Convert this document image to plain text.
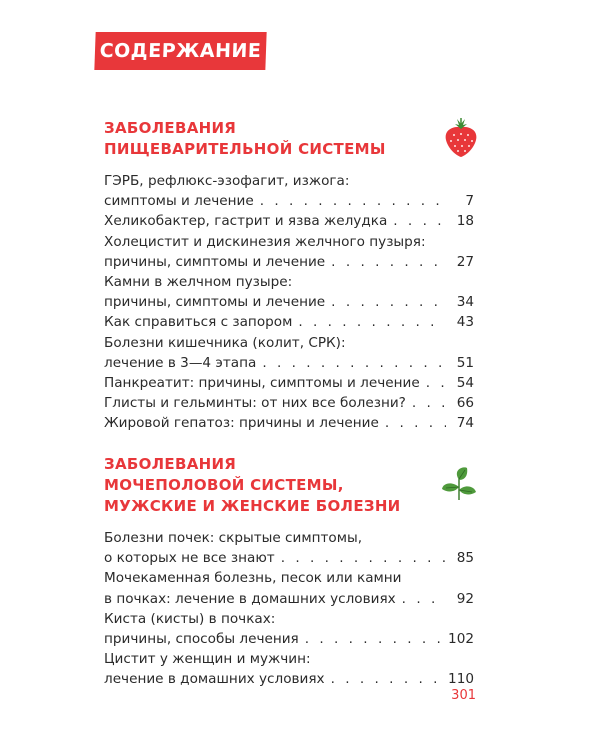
СОДЕРЖАНИЕ
ЗАБОЛЕВАНИЯ
ПИЩЕВАРИТЕЛЬНОЙ СИСТЕМЫ
ГЭРБ, рефлюкс-эзофагит, изжога:
симптомы и лечение . . .	7
Хеликобактер, гастрит и язва желудка . . .	18
Холецистит и дискинезия желчного пузыря:
причины, симптомы и лечение . . .	27
Камни в желчном пузыре:
причины, симптомы и лечение . . .	34
Как справиться с запором . . .	43
Болезни кишечника (колит, СРК):
лечение в 3—4 этапа . . .	51
Панкреатит: причины, симптомы и лечение . . .	54
Глисты и гельминты: от них все болезни? . . .	66
Жировой гепатоз: причины и лечение . . .	74
ЗАБОЛЕВАНИЯ
МОЧЕПОЛОВОЙ СИСТЕМЫ,
МУЖСКИЕ И ЖЕНСКИЕ БОЛЕЗНИ
Болезни почек: скрытые симптомы,
о которых не все знают . . .	85
Мочекаменная болезнь, песок или камни
в почках: лечение в домашних условиях . . .	92
Киста (кисты) в почках:
причины, способы лечения . . .	102
Цистит у женщин и мужчин:
лечение в домашних условиях . . .	110
301
